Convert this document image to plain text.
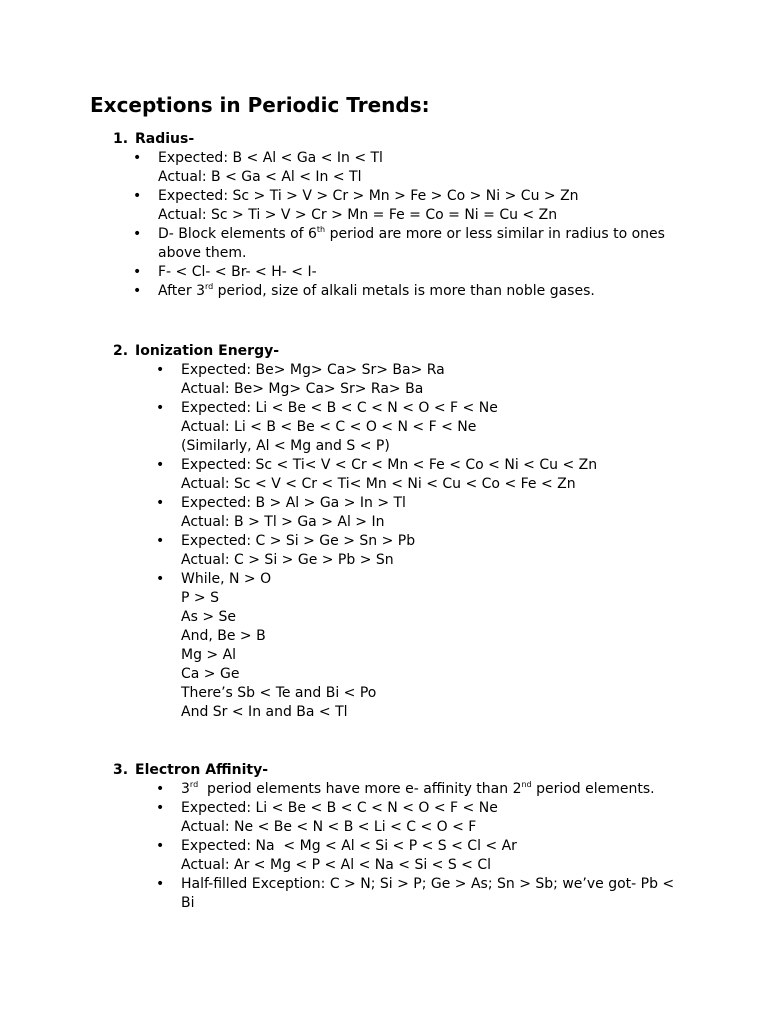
Exceptions in Periodic Trends:
1. Radius-
• Expected: B < Al < Ga < In < Tl
Actual: B < Ga < Al < In < Tl
• Expected: Sc > Ti > V > Cr > Mn > Fe > Co > Ni > Cu > Zn
Actual: Sc > Ti > V > Cr > Mn = Fe = Co = Ni = Cu < Zn
• D- Block elements of 6th period are more or less similar in radius to ones
above them.
• F- < Cl- < Br- < H- < I-
• After 3rd period, size of alkali metals is more than noble gases.
2. Ionization Energy-
• Expected: Be> Mg> Ca> Sr> Ba> Ra
Actual: Be> Mg> Ca> Sr> Ra> Ba
• Expected: Li < Be < B < C < N < O < F < Ne
Actual: Li < B < Be < C < O < N < F < Ne
(Similarly, Al < Mg and S < P)
• Expected: Sc < Ti< V < Cr < Mn < Fe < Co < Ni < Cu < Zn
Actual: Sc < V < Cr < Ti< Mn < Ni < Cu < Co < Fe < Zn
• Expected: B > Al > Ga > In > Tl
Actual: B > Tl > Ga > Al > In
• Expected: C > Si > Ge > Sn > Pb
Actual: C > Si > Ge > Pb > Sn
• While, N > O
P > S
As > Se
And, Be > B
Mg > Al
Ca > Ge
There’s Sb < Te and Bi < Po
And Sr < In and Ba < Tl
3. Electron Affinity-
• 3rd  period elements have more e- affinity than 2nd period elements.
• Expected: Li < Be < B < C < N < O < F < Ne
Actual: Ne < Be < N < B < Li < C < O < F
• Expected: Na  < Mg < Al < Si < P < S < Cl < Ar
Actual: Ar < Mg < P < Al < Na < Si < S < Cl
• Half-filled Exception: C > N; Si > P; Ge > As; Sn > Sb; we’ve got- Pb <
Bi
